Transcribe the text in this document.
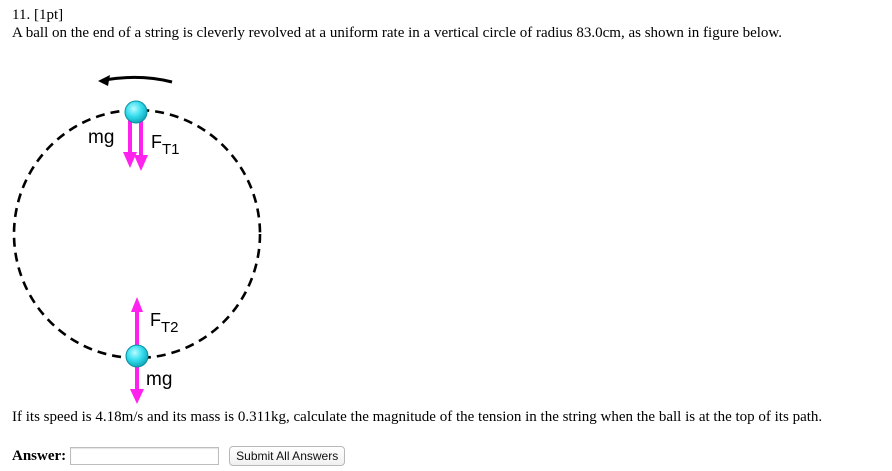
11. [1pt]
A ball on the end of a string is cleverly revolved at a uniform rate in a vertical circle of radius 83.0cm, as shown in figure below.
mg $F_{T1}$
$F_{T2}$
mg
If its speed is 4.18m/s and its mass is 0.311kg, calculate the magnitude of the tension in the string when the ball is at the top of its path.
Answer:	Submit All Answers
